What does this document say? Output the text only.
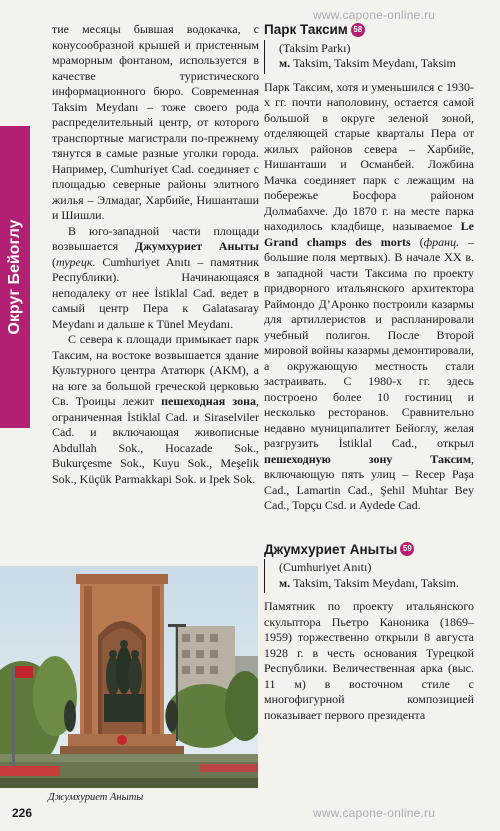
www.capone-online.ru
Округ Бейоглу

тие месяцы бывшая водокачка, с конусообразной крышей и пристенным мраморным фонтаном, используется в качестве туристического информационного бюро. Современная Taksim Meydanı – тоже своего рода распределительный центр, от которого транспортные магистрали по-прежнему тянутся в самые разные уголки города. Например, Cumhuriyet Cad. соединяет с площадью северные районы элитного жилья – Элмадаг, Харбийе, Нишанташи и Шишли.

В юго-западной части площади возвышается Джумхуриет Аныты (турецк. Cumhuriyet Anıtı – памятник Республики). Начинающаяся неподалеку от нее İstiklal Cad. ведет в самый центр Пера к Galatasaray Meydanı и дальше к Tünel Meydanı.

С севера к площади примыкает парк Таксим, на востоке возвышается здание Культурного центра Ататюрк (AKM), а на юге за большой греческой церковью Св. Троицы лежит пешеходная зона, ограниченная İstiklal Cad. и Siraselviler Cad. и включающая живописные Abdullah Sok., Hocazade Sok., Bukurçesme Sok., Kuyu Sok., Meşelik Sok., Küçük Parmakkapi Sok. и Ipek Sok.

Парк Таксим 58
(Taksim Parkı)
м. Taksim, Taksim Meydanı, Taksim

Парк Таксим, хотя и уменьшился с 1930-х гг. почти наполовину, остается самой большой в округе зеленой зоной, отделяющей старые кварталы Пера от жилых районов севера – Харбийе, Нишанташи и Османбей. Ложбина Мачка соединяет парк с лежащим на побережье Босфора районом Долмабахче. До 1870 г. на месте парка находилось кладбище, называемое Le Grand champs des morts (франц. – большие поля мертвых). В начале XX в. в западной части Таксима по проекту придворного итальянского архитектора Раймондо Д’Аронко построили казармы для артиллеристов и распланировали учебный полигон. После Второй мировой войны казармы демонтировали, а окружающую местность стали застраивать. С 1980-х гг. здесь построено более 10 гостиниц и несколько ресторанов. Сравнительно недавно муниципалитет Бейоглу, желая разгрузить İstiklal Cad., открыл пешеходную зону Таксим, включающую пять улиц – Recep Paşa Cad., Lamartin Cad., Şehil Muhtar Bey Cad., Topçu Csd. и Aydede Cad.

Джумхуриет Аныты 59
(Cumhuriyet Anıtı)
м. Taksim, Taksim Meydanı, Taksim.

Памятник по проекту итальянского скульптора Пьетро Каноника (1869–1959) торжественно открыли 8 августа 1928 г. в честь основания Турецкой Республики. Величественная арка (выс. 11 м) в восточном стиле с многофигурной композицией показывает первого президента

Джумхуриет Аныты
226	www.capone-online.ru
